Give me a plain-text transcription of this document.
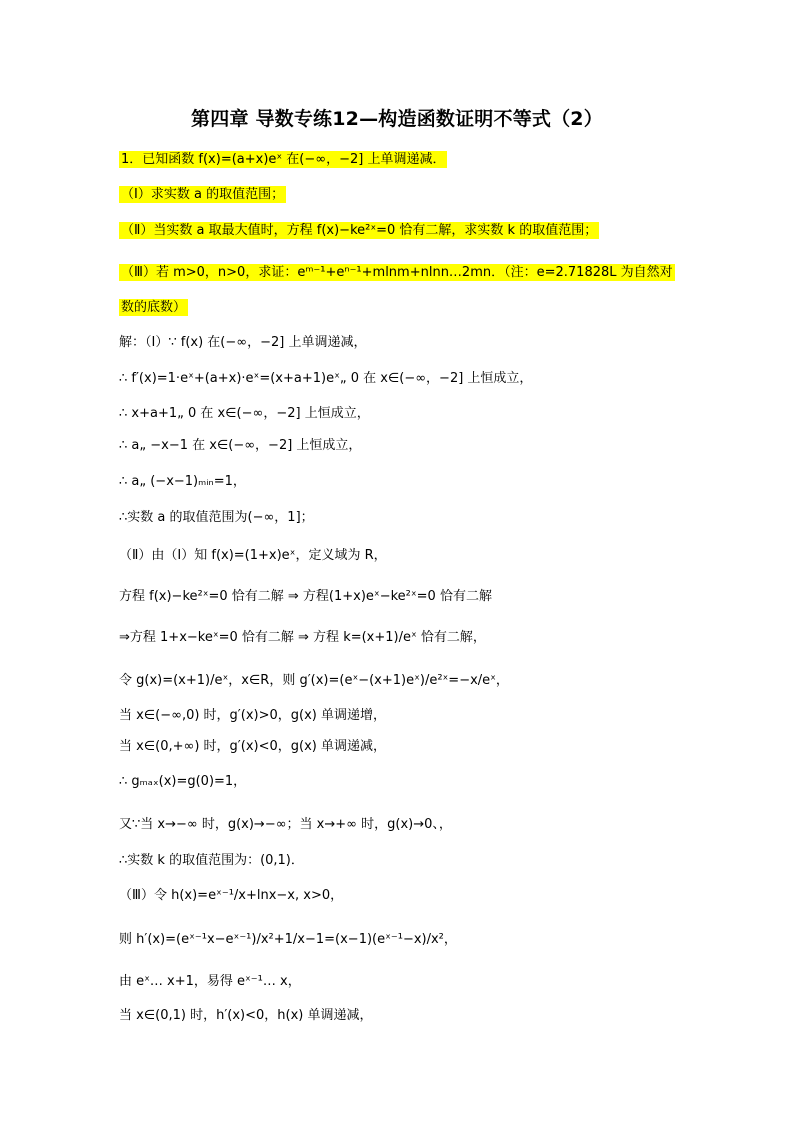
第四章 导数专练12—构造函数证明不等式（2）
1．已知函数 f(x)=(a+x)eˣ 在(−∞，−2] 上单调递减．
（Ⅰ）求实数 a 的取值范围；
（Ⅱ）当实数 a 取最大值时，方程 f(x)−ke²ˣ=0 恰有二解，求实数 k 的取值范围；
（Ⅲ）若 m>0，n>0，求证：eᵐ⁻¹+eⁿ⁻¹+mlnm+nlnn…2mn．（注：e=2.71828L 为自然对
数的底数）
解：（Ⅰ）∵ f(x) 在(−∞，−2] 上单调递减，
∴ f′(x)=1·eˣ+(a+x)·eˣ=(x+a+1)eˣ„ 0 在 x∈(−∞，−2] 上恒成立，
∴ x+a+1„ 0 在 x∈(−∞，−2] 上恒成立，
∴ a„ −x−1 在 x∈(−∞，−2] 上恒成立，
∴ a„ (−x−1)ₘᵢₙ=1，
∴实数 a 的取值范围为(−∞，1]；
（Ⅱ）由（Ⅰ）知 f(x)=(1+x)eˣ，定义域为 R，
方程 f(x)−ke²ˣ=0 恰有二解 ⇒ 方程(1+x)eˣ−ke²ˣ=0 恰有二解
⇒方程 1+x−keˣ=0 恰有二解 ⇒ 方程 k=(x+1)/eˣ 恰有二解，
令 g(x)=(x+1)/eˣ，x∈R，则 g′(x)=(eˣ−(x+1)eˣ)/e²ˣ=−x/eˣ，
当 x∈(−∞,0) 时，g′(x)>0，g(x) 单调递增，
当 x∈(0,+∞) 时，g′(x)<0，g(x) 单调递减，
∴ gₘₐₓ(x)=g(0)=1，
又∵当 x→−∞ 时，g(x)→−∞；当 x→+∞ 时，g(x)→0、，
∴实数 k 的取值范围为：(0,1)．
（Ⅲ）令 h(x)=eˣ⁻¹/x+lnx−x, x>0，
则 h′(x)=(eˣ⁻¹x−eˣ⁻¹)/x²+1/x−1=(x−1)(eˣ⁻¹−x)/x²，
由 eˣ… x+1，易得 eˣ⁻¹… x，
当 x∈(0,1) 时，h′(x)<0，h(x) 单调递减，
